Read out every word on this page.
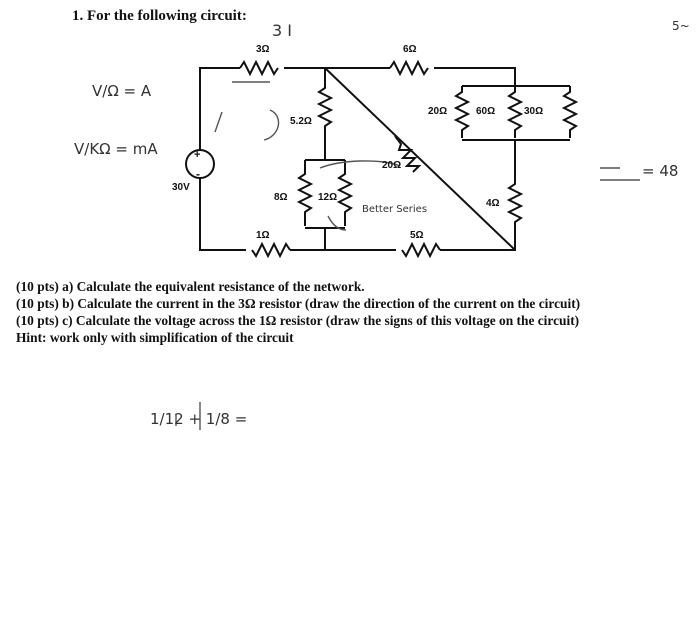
1. For the following circuit:
3Ω	6Ω
5.2Ω
20Ω	60Ω	30Ω
20Ω
8Ω	12Ω
4Ω
5Ω
1Ω
30V
+
-
3 I
V/Ω = A
V/KΩ = mA
Better Series
= 48
5~
1/12 + 1/8 =
(10 pts) a) Calculate the equivalent resistance of the network.
(10 pts) b) Calculate the current in the 3Ω resistor (draw the direction of the current on the circuit)
(10 pts) c) Calculate the voltage across the 1Ω resistor (draw the signs of this voltage on the circuit)
Hint: work only with simplification of the circuit
